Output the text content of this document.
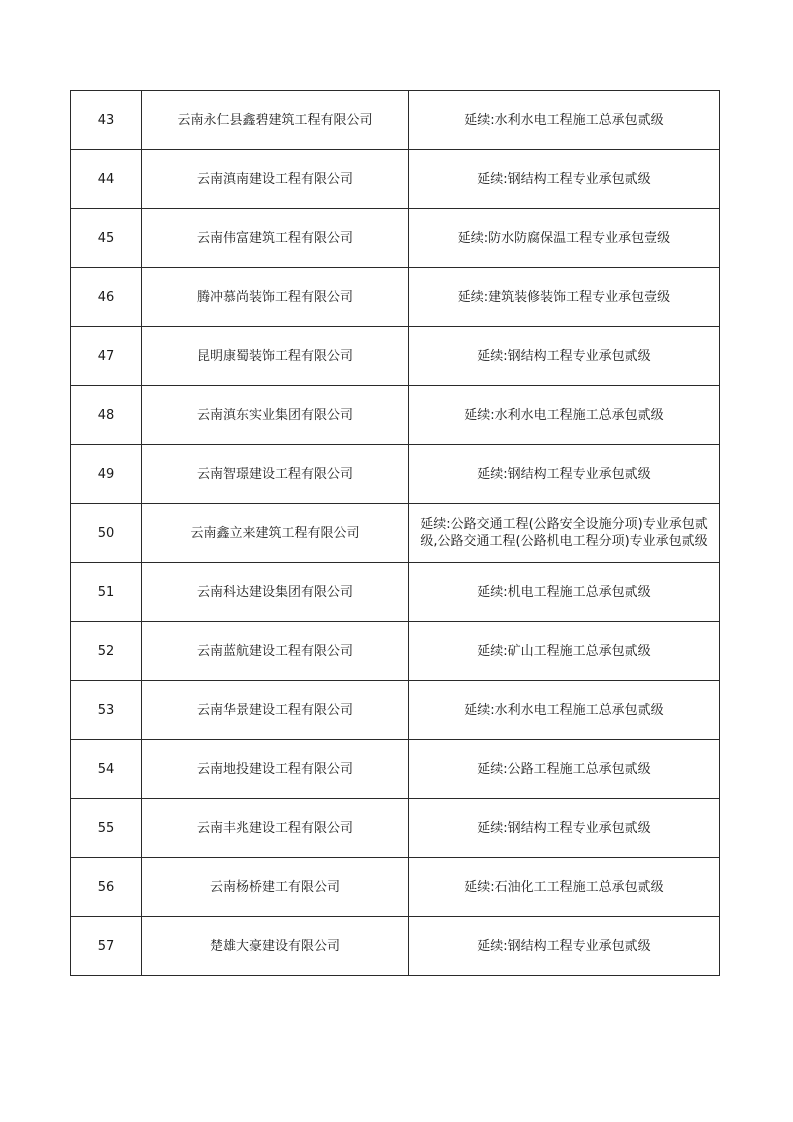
43	云南永仁县鑫碧建筑工程有限公司	延续:水利水电工程施工总承包贰级
44	云南滇南建设工程有限公司	延续:钢结构工程专业承包贰级
45	云南伟富建筑工程有限公司	延续:防水防腐保温工程专业承包壹级
46	腾冲慕尚装饰工程有限公司	延续:建筑装修装饰工程专业承包壹级
47	昆明康蜀装饰工程有限公司	延续:钢结构工程专业承包贰级
48	云南滇东实业集团有限公司	延续:水利水电工程施工总承包贰级
49	云南智璟建设工程有限公司	延续:钢结构工程专业承包贰级
50	云南鑫立来建筑工程有限公司	延续:公路交通工程(公路安全设施分项)专业承包贰级,公路交通工程(公路机电工程分项)专业承包贰级
51	云南科达建设集团有限公司	延续:机电工程施工总承包贰级
52	云南蓝航建设工程有限公司	延续:矿山工程施工总承包贰级
53	云南华景建设工程有限公司	延续:水利水电工程施工总承包贰级
54	云南地投建设工程有限公司	延续:公路工程施工总承包贰级
55	云南丰兆建设工程有限公司	延续:钢结构工程专业承包贰级
56	云南杨桥建工有限公司	延续:石油化工工程施工总承包贰级
57	楚雄大豪建设有限公司	延续:钢结构工程专业承包贰级
